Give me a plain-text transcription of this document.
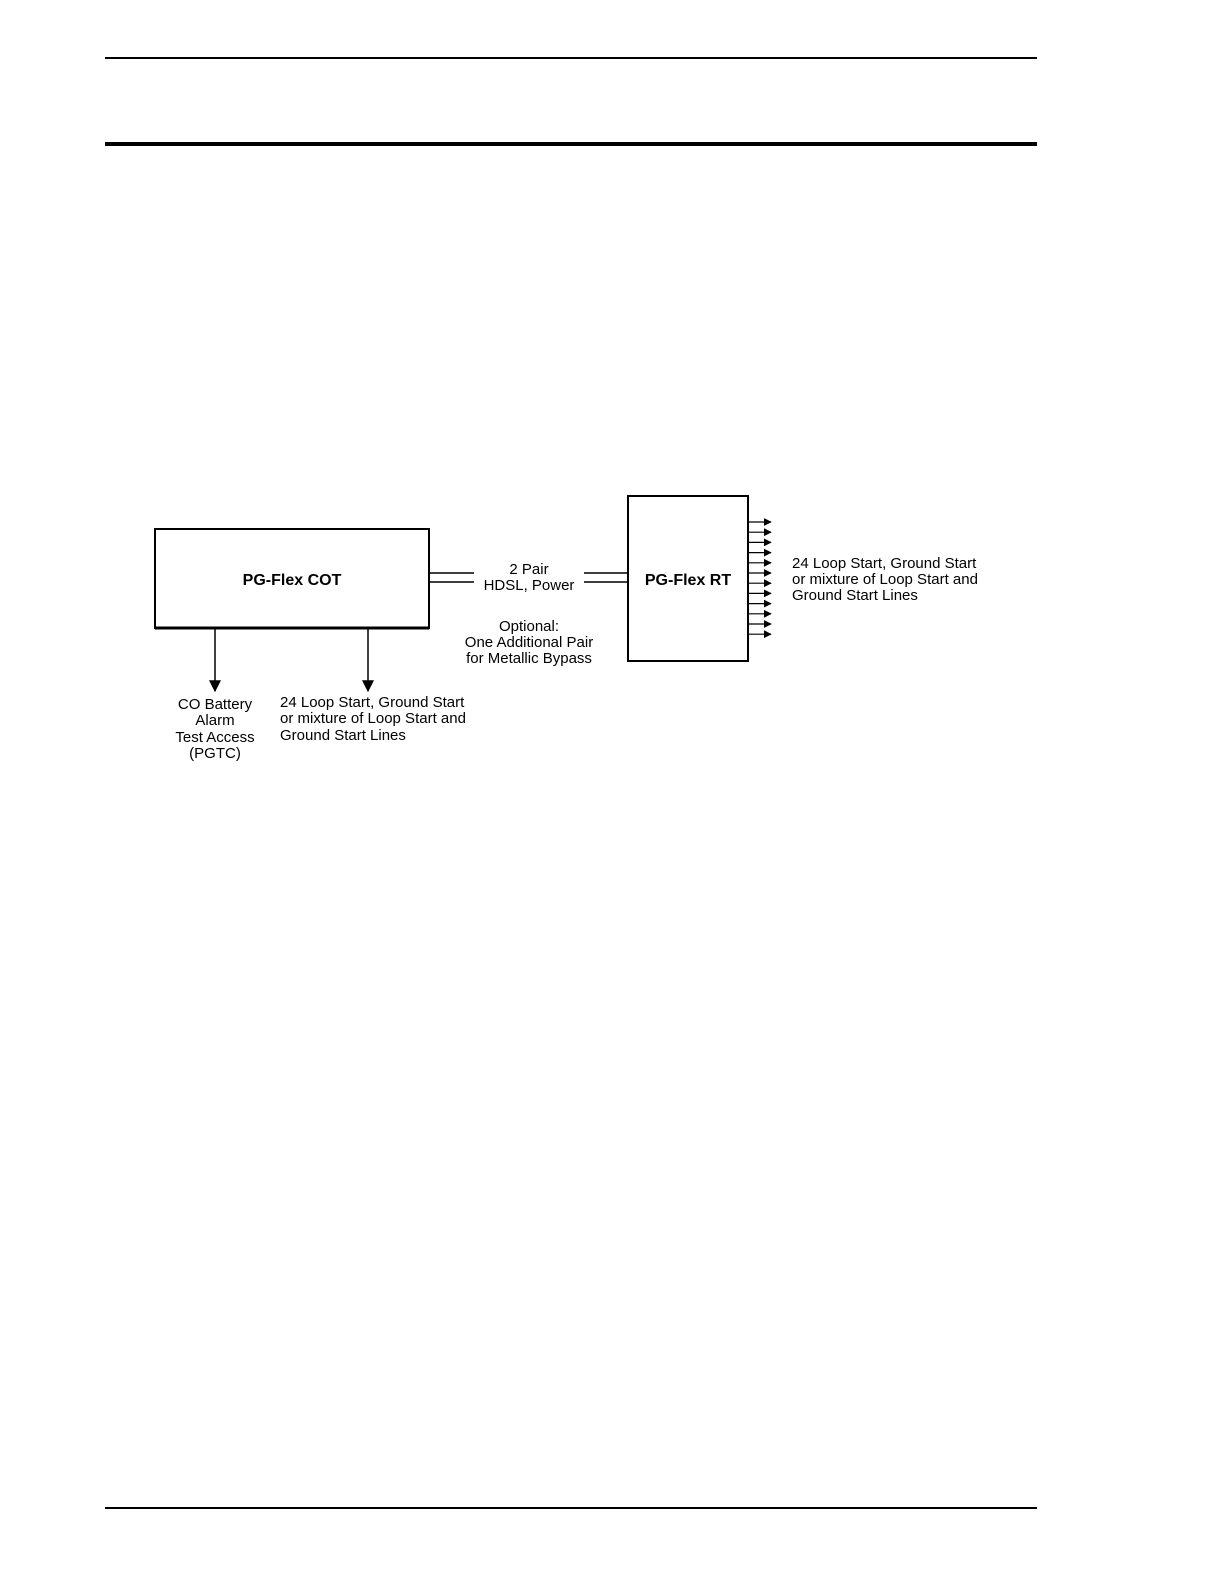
PG-Flex COT	PG-Flex RT
2 Pair
HDSL, Power
Optional:
One Additional Pair
for Metallic Bypass
24 Loop Start, Ground Start
or mixture of Loop Start and
Ground Start Lines
CO Battery
Alarm
Test Access
(PGTC)
24 Loop Start, Ground Start
or mixture of Loop Start and
Ground Start Lines
